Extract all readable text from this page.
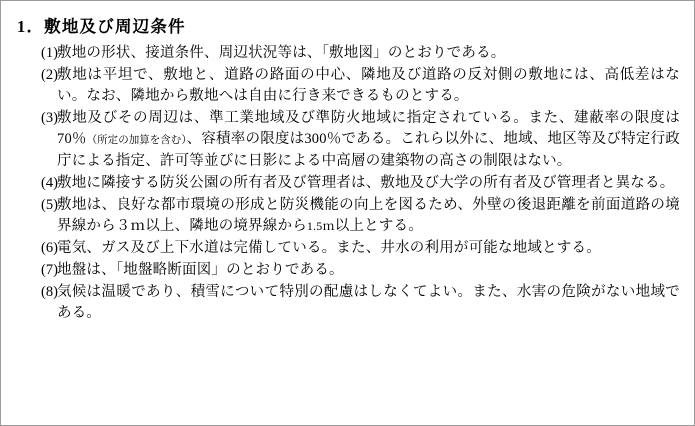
1．敷地及び周辺条件
(1) 敷地の形状、接道条件、周辺状況等は、「敷地図」のとおりである。
(2) 敷地は平坦で、敷地と、道路の路面の中心、隣地及び道路の反対側の敷地には、高低差はない。なお、隣地から敷地へは自由に行き来できるものとする。
(3) 敷地及びその周辺は、準工業地域及び準防火地域に指定されている。また、建蔽率の限度は70％（所定の加算を含む）、容積率の限度は300％である。これら以外に、地域、地区等及び特定行政庁による指定、許可等並びに日影による中高層の建築物の高さの制限はない。
(4) 敷地に隣接する防災公園の所有者及び管理者は、敷地及び大学の所有者及び管理者と異なる。
(5) 敷地は、良好な都市環境の形成と防災機能の向上を図るため、外壁の後退距離を前面道路の境界線から３ｍ以上、隣地の境界線から1.5ｍ以上とする。
(6) 電気、ガス及び上下水道は完備している。また、井水の利用が可能な地域とする。
(7) 地盤は、「地盤略断面図」のとおりである。
(8) 気候は温暖であり、積雪について特別の配慮はしなくてよい。また、水害の危険がない地域である。
